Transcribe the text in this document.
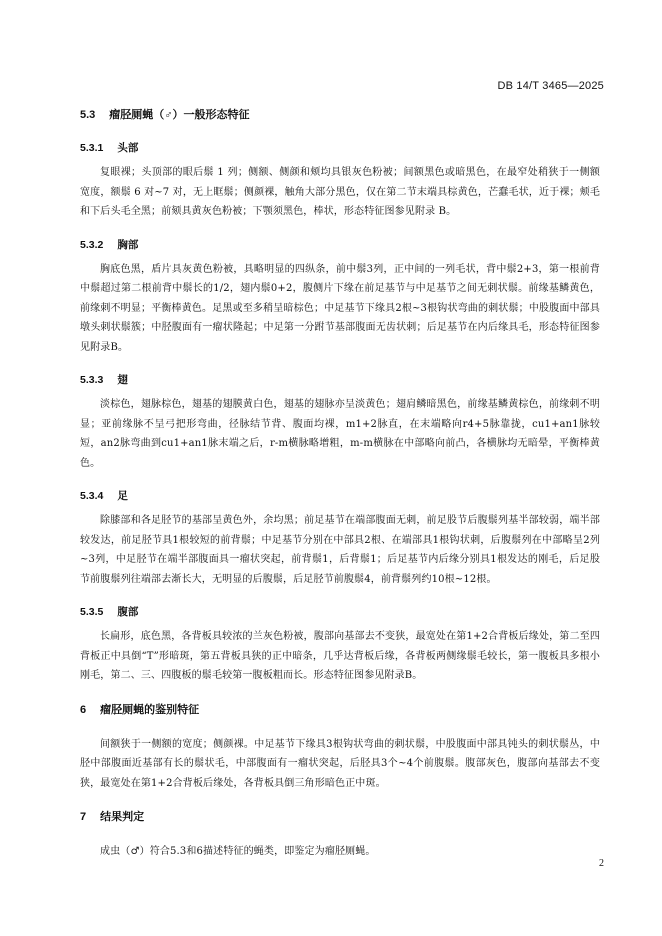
DB 14/T 3465—2025
5.3 瘤胫厕蝇（♂）一般形态特征
5.3.1 头部

复眼裸；头顶部的眼后鬃 1 列；侧额、侧颜和颊均具银灰色粉被；间额黑色或暗黑色，在最窄处稍狭于一侧额宽度，额鬃 6 对~7 对，无上眶鬃；侧颜裸，触角大部分黑色，仅在第二节末端具棕黄色，芒蠢毛状，近于裸；颊毛和下后头毛全黑；前颏具黄灰色粉被；下颚须黑色，棒状，形态特征图参见附录 B。

5.3.2 胸部

胸底色黑，盾片具灰黄色粉被，具略明显的四纵条，前中鬃3列，正中间的一列毛状，背中鬃2+3，第一根前背中鬃超过第二根前背中鬃长的1/2，翅内鬃0+2，腹侧片下缘在前足基节与中足基节之间无刺状鬃。前缘基鳞黄色，前缘刺不明显；平衡棒黄色。足黑或至多稍呈暗棕色；中足基节下缘具2根~3根钩状弯曲的刺状鬃；中股腹面中部具墩头刺状鬃簇；中胫腹面有一瘤状隆起；中足第一分跗节基部腹面无齿状刺；后足基节在内后缘具毛，形态特征图参见附录B。

5.3.3 翅

淡棕色，翅脉棕色，翅基的翅膜黄白色，翅基的翅脉亦呈淡黄色；翅肩鳞暗黑色，前缘基鳞黄棕色，前缘刺不明显；亚前缘脉不呈弓把形弯曲，径脉结节背、腹面均裸，m1+2脉直，在末端略向r4+5脉靠拢，cu1+an1脉较短，an2脉弯曲到cu1+an1脉末端之后，r-m横脉略增粗，m-m横脉在中部略向前凸，各横脉均无暗晕，平衡棒黄色。

5.3.4 足

除膝部和各足胫节的基部呈黄色外，余均黑；前足基节在端部腹面无刺，前足股节后腹鬃列基半部较弱，端半部较发达，前足胫节具1根较短的前背鬃；中足基节分别在中部具2根、在端部具1根钩状刺，后腹鬃列在中部略呈2列~3列，中足胫节在端半部腹面具一瘤状突起，前背鬃1，后背鬃1；后足基节内后缘分别具1根发达的刚毛，后足股节前腹鬃列往端部去渐长大，无明显的后腹鬃，后足胫节前腹鬃4，前背鬃列约10根~12根。

5.3.5 腹部

长扁形，底色黑，各背板具较浓的兰灰色粉被，腹部向基部去不变狭，最宽处在第1+2合背板后缘处，第二至四背板正中具倒“T”形暗斑，第五背板具狭的正中暗条，几乎达背板后缘，各背板两侧缘鬃毛较长，第一腹板具多根小刚毛，第二、三、四腹板的鬃毛较第一腹板粗而长。形态特征图参见附录B。

6 瘤胫厕蝇的鉴别特征

间额狭于一侧额的宽度；侧颜裸。中足基节下缘具3根钩状弯曲的刺状鬃，中股腹面中部具钝头的刺状鬃丛，中胫中部腹面近基部有长的鬃状毛，中部腹面有一瘤状突起，后胫具3个~4个前腹鬃。腹部灰色，腹部向基部去不变狭，最宽处在第1+2合背板后缘处，各背板具倒三角形暗色正中斑。

7 结果判定

成虫（♂）符合5.3和6描述特征的蝇类，即鉴定为瘤胫厕蝇。

2
